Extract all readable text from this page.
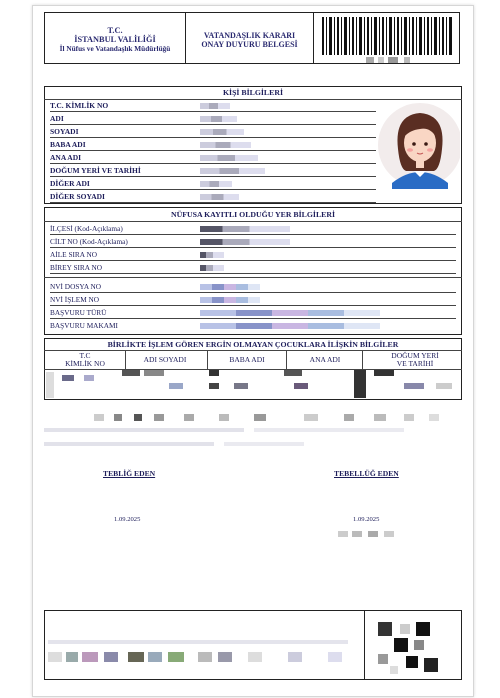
T.C.
İSTANBUL VALİLİĞİ
İl Nüfus ve Vatandaşlık Müdürlüğü
VATANDAŞLIK KARARI
ONAY DUYURU BELGESİ
KİŞİ BİLGİLERİ
T.C. KİMLİK NO
ADI
SOYADI
BABA ADI
ANA ADI
DOĞUM YERİ VE TARİHİ
DİĞER ADI
DİĞER SOYADI
NÜFUSA KAYITLI OLDUĞU YER BİLGİLERİ
İLÇESİ (Kod-Açıklama)
CİLT NO (Kod-Açıklama)
AİLE SIRA NO
BİREY SIRA NO
NVİ DOSYA NO
NVİ İŞLEM NO
BAŞVURU TÜRÜ
BAŞVURU MAKAMI
BİRLİKTE İŞLEM GÖREN ERGİN OLMAYAN ÇOCUKLARA İLİŞKİN BİLGİLER
T.C
KİMLİK NO	ADI SOYADI	BABA ADI	ANA ADI	DOĞUM YERİ
VE TARİHİ
TEBLİĞ EDEN	TEBELLÜĞ EDEN
1.09.2025	1.09.2025
